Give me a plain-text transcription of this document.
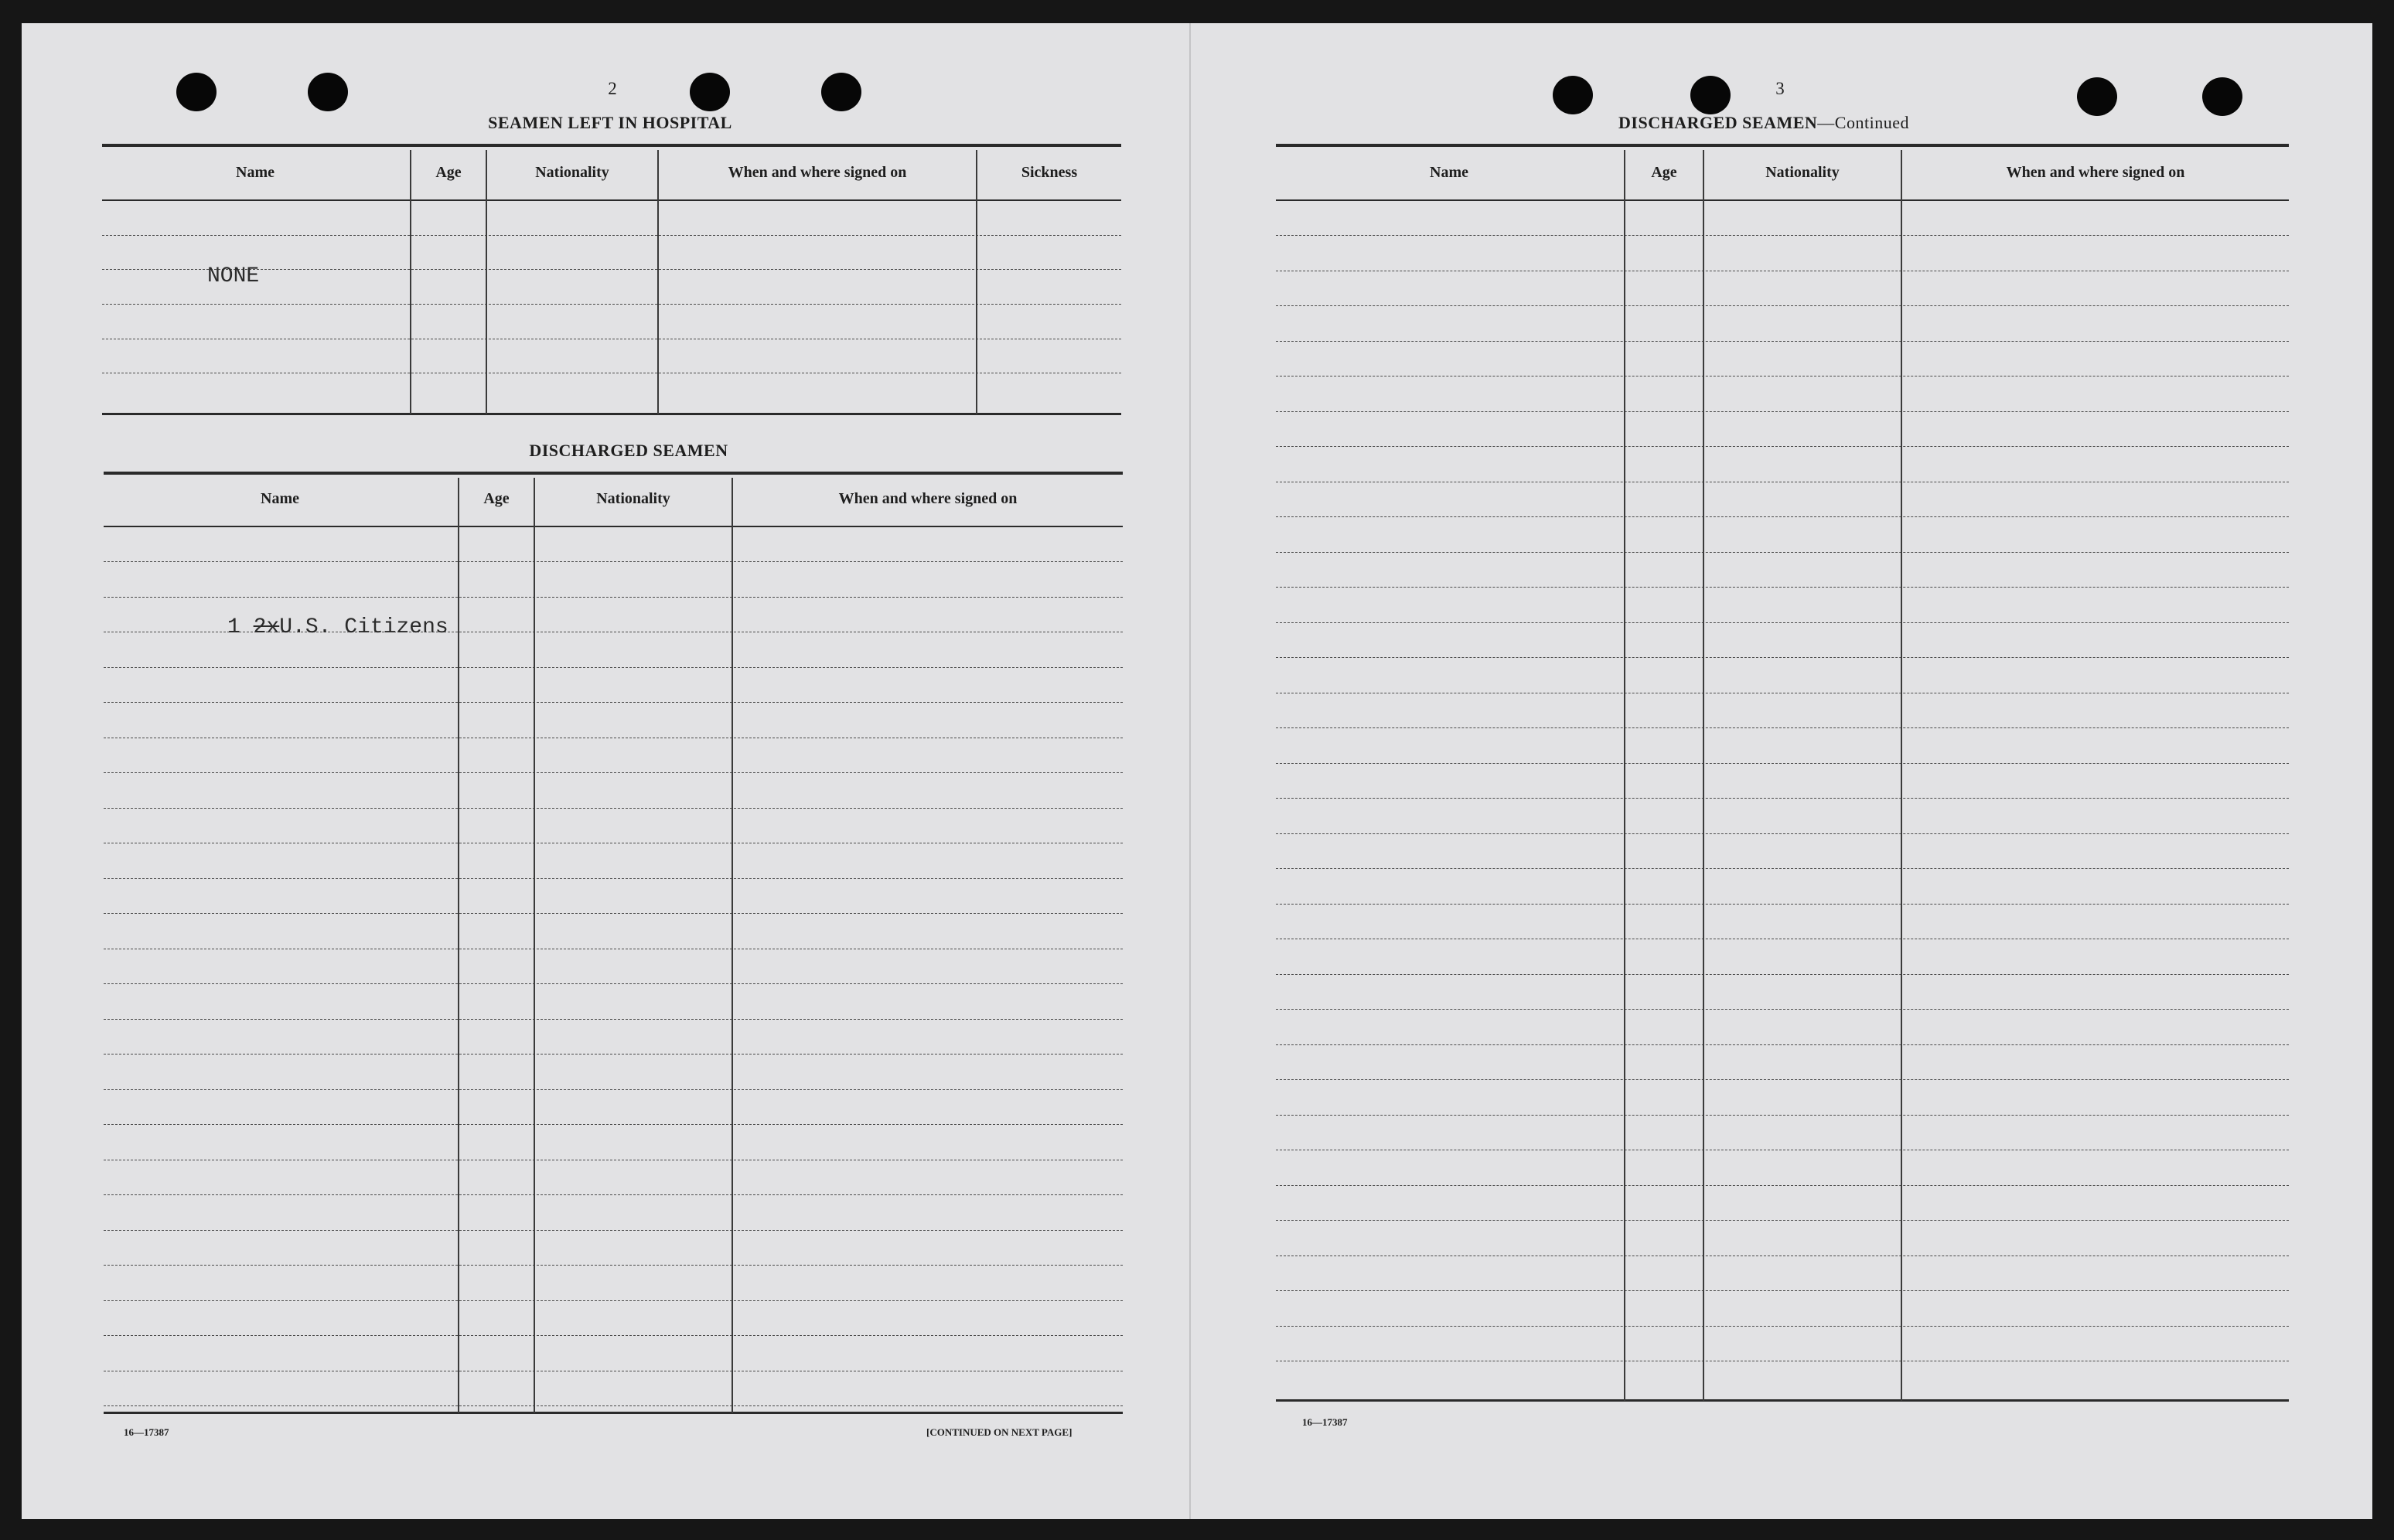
2
SEAMEN LEFT IN HOSPITAL
Name	Age	Nationality	When and where signed on	Sickness
NONE
DISCHARGED SEAMEN
Name	Age	Nationality	When and where signed on
1 2xU.S. Citizens
16—17387	[CONTINUED ON NEXT PAGE]
3
DISCHARGED SEAMEN—Continued
Name	Age	Nationality	When and where signed on
16—17387
